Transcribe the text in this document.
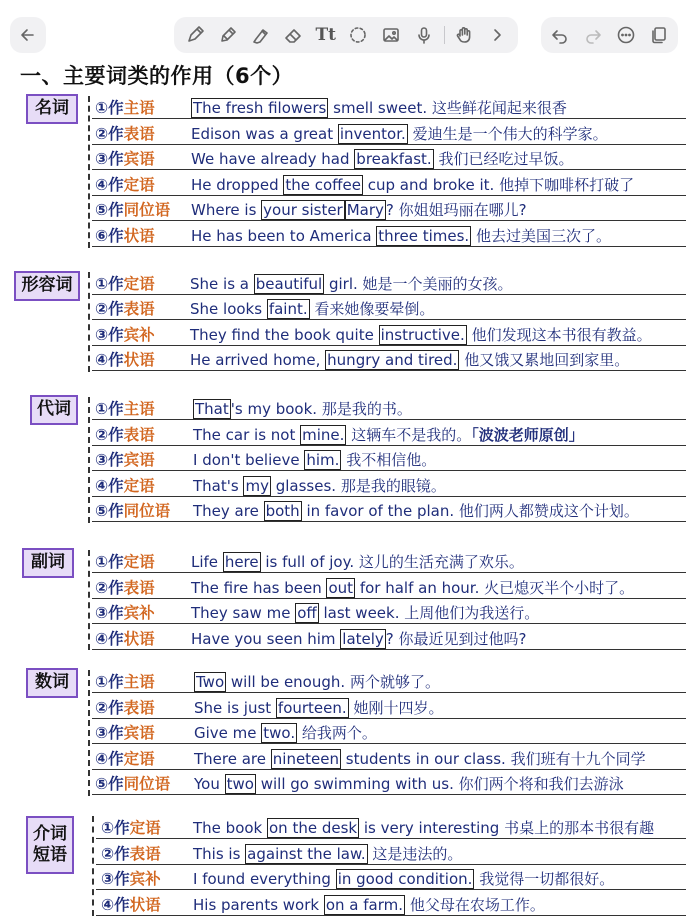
Tt
一、主要词类的作用（6个）
名词	①作主语	The fresh filowers smell sweet. 这些鲜花闻起来很香
②作表语 Edison was a great inventor. 爱迪生是一个伟大的科学家。
③作宾语 We have already had breakfast. 我们已经吃过早饭。
④作定语 He dropped the coffee cup and broke it. 他掉下咖啡杯打破了
⑤作同位语 Where is your sister Mary ? 你姐姐玛丽在哪儿?
⑥作状语 He has been to America three times. 他去过美国三次了。
形容词	①作定语 She is a beautiful girl. 她是一个美丽的女孩。
②作表语 She looks faint. 看来她像要晕倒。
③作宾补 They find the book quite instructive. 他们发现这本书很有教益。
④作状语 He arrived home, hungry and tired. 他又饿又累地回到家里。
代词	①作主语	That 's my book. 那是我的书。
②作表语	The car is not mine. 这辆车不是我的。「波波老师原创」
③作宾语	I don't believe him. 我不相信他。
④作定语	That's my glasses. 那是我的眼镜。
⑤作同位语 They are both in favor of the plan. 他们两人都赞成这个计划。
副词	①作定语 Life here is full of joy. 这儿的生活充满了欢乐。
②作表语 The fire has been out for half an hour. 火已熄灭半个小时了。
③作宾补 They saw me off last week. 上周他们为我送行。
④作状语 Have you seen him lately ? 你最近见到过他吗?
数词	①作主语	Two will be enough. 两个就够了。
②作表语	She is just fourteen. 她刚十四岁。
③作宾语	Give me two. 给我两个。
④作定语	There are nineteen students in our class. 我们班有十九个同学
⑤作同位语 You two will go swimming with us. 你们两个将和我们去游泳
介词
短语
①作定语 The book on the desk is very interesting 书桌上的那本书很有趣
②作表语 This is against the law. 这是违法的。
③作宾补 I found everything in good condition. 我觉得一切都很好。
④作状语 His parents work on a farm. 他父母在农场工作。
